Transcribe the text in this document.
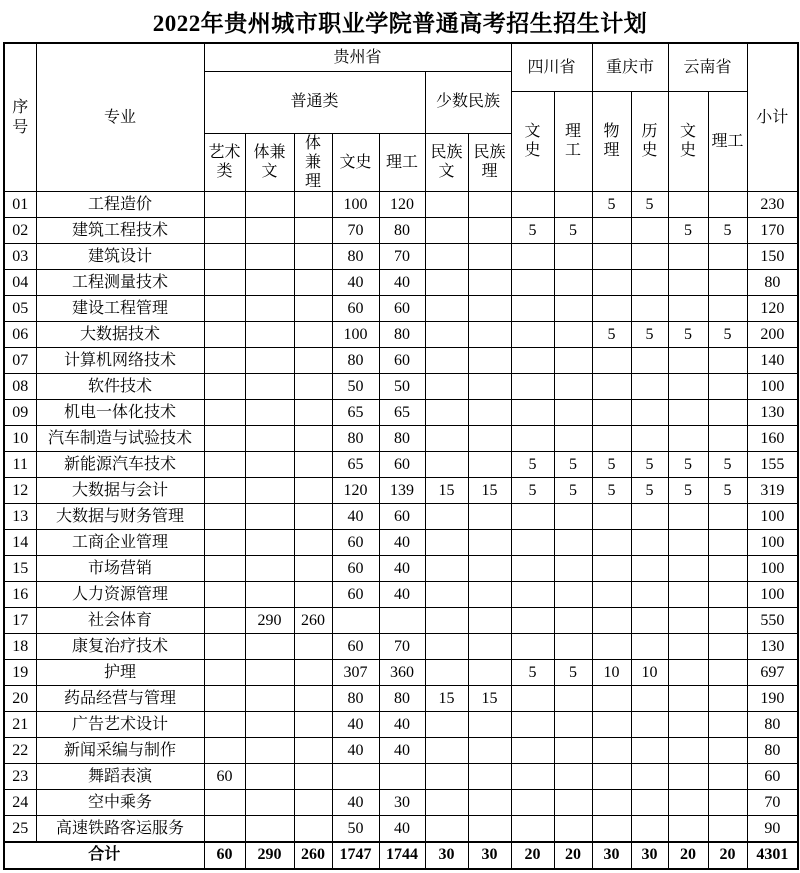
2022年贵州城市职业学院普通高考招生招生计划
序号	专业	贵州省							四川省		重庆市		云南省		小计
		普通类					少数民族								
									文史	理工	物理	历史	文史	理工	
		艺术类	体兼文	体兼理	文史	理工	民族文	民族理							
01	工程造价				100	120					5	5			230
02	建筑工程技术				70	80			5	5			5	5	170
03	建筑设计				80	70									150
04	工程测量技术				40	40									80
05	建设工程管理				60	60									120
06	大数据技术				100	80					5	5	5	5	200
07	计算机网络技术				80	60									140
08	软件技术				50	50									100
09	机电一体化技术				65	65									130
10	汽车制造与试验技术				80	80									160
11	新能源汽车技术				65	60			5	5	5	5	5	5	155
12	大数据与会计				120	139	15	15	5	5	5	5	5	5	319
13	大数据与财务管理				40	60									100
14	工商企业管理				60	40									100
15	市场营销				60	40									100
16	人力资源管理				60	40									100
17	社会体育		290	260											550
18	康复治疗技术				60	70									130
19	护理				307	360			5	5	10	10			697
20	药品经营与管理				80	80	15	15							190
21	广告艺术设计				40	40									80
22	新闻采编与制作				40	40									80
23	舞蹈表演	60													60
24	空中乘务				40	30									70
25	高速铁路客运服务				50	40									90
合计		60	290	260	1747	1744	30	30	20	20	30	30	20	20	4301
